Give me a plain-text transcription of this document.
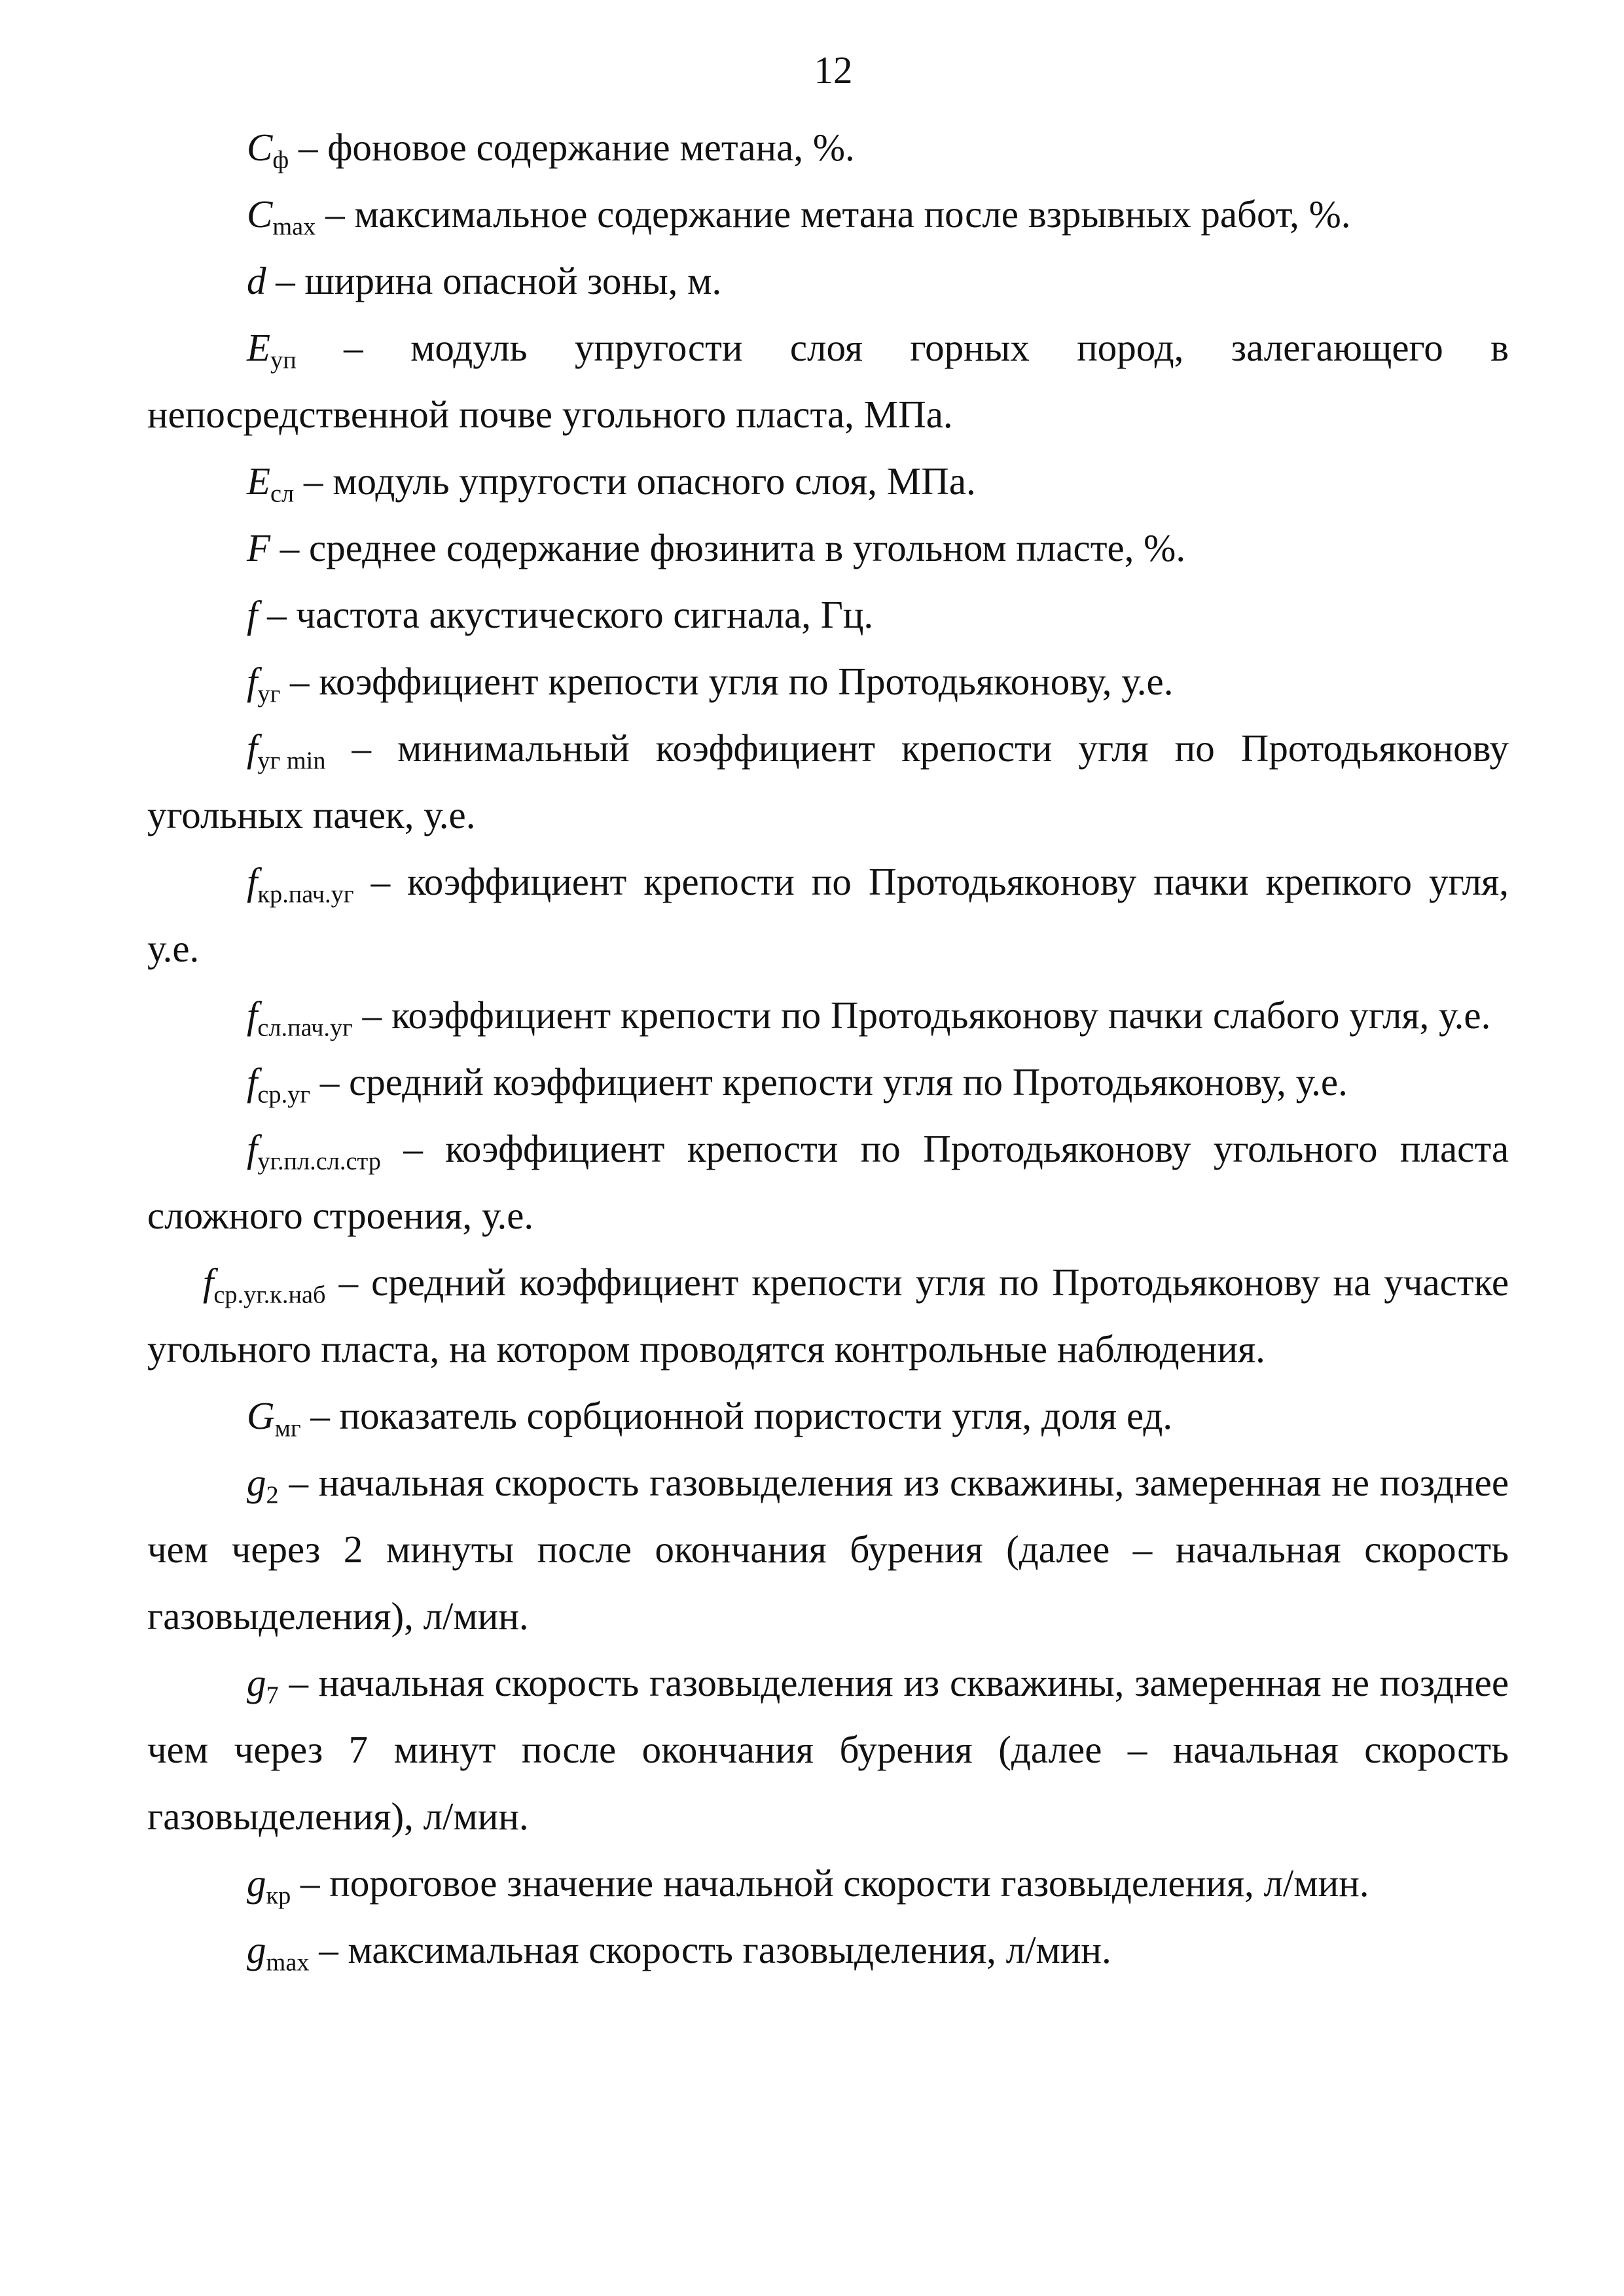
12
$C_ф$ – фоновое содержание метана, %.
$C_{max}$ – максимальное содержание метана после взрывных работ, %.
d – ширина опасной зоны, м.
$E_{уп}$ – модуль упругости слоя горных пород, залегающего в
непосредственной почве угольного пласта, МПа.
$E_{сл}$ – модуль упругости опасного слоя, МПа.
F – среднее содержание фюзинита в угольном пласте, %.
f – частота акустического сигнала, Гц.
$f_{уг}$ – коэффициент крепости угля по Протодьяконову, у.е.
$f_{уг min}$ – минимальный коэффициент крепости угля по Протодьяконову
угольных пачек, у.е.
$f_{кр.пач.уг}$ – коэффициент крепости по Протодьяконову пачки крепкого угля,
у.е.
$f_{сл.пач.уг}$ – коэффициент крепости по Протодьяконову пачки слабого угля, у.е.
$f_{ср.уг}$ – средний коэффициент крепости угля по Протодьяконову, у.е.
$f_{уг.пл.сл.стр}$ – коэффициент крепости по Протодьяконову угольного пласта
сложного строения, у.е.
$f_{ср.уг.к.наб}$ – средний коэффициент крепости угля по Протодьяконову на участке
угольного пласта, на котором проводятся контрольные наблюдения.
$G_{мг}$ – показатель сорбционной пористости угля, доля ед.
$g_2$ – начальная скорость газовыделения из скважины, замеренная не позднее
чем через 2 минуты после окончания бурения (далее – начальная скорость
газовыделения), л/мин.
$g_7$ – начальная скорость газовыделения из скважины, замеренная не позднее
чем через 7 минут после окончания бурения (далее – начальная скорость
газовыделения), л/мин.
$g_{кр}$ – пороговое значение начальной скорости газовыделения, л/мин.
$g_{max}$ – максимальная скорость газовыделения, л/мин.
